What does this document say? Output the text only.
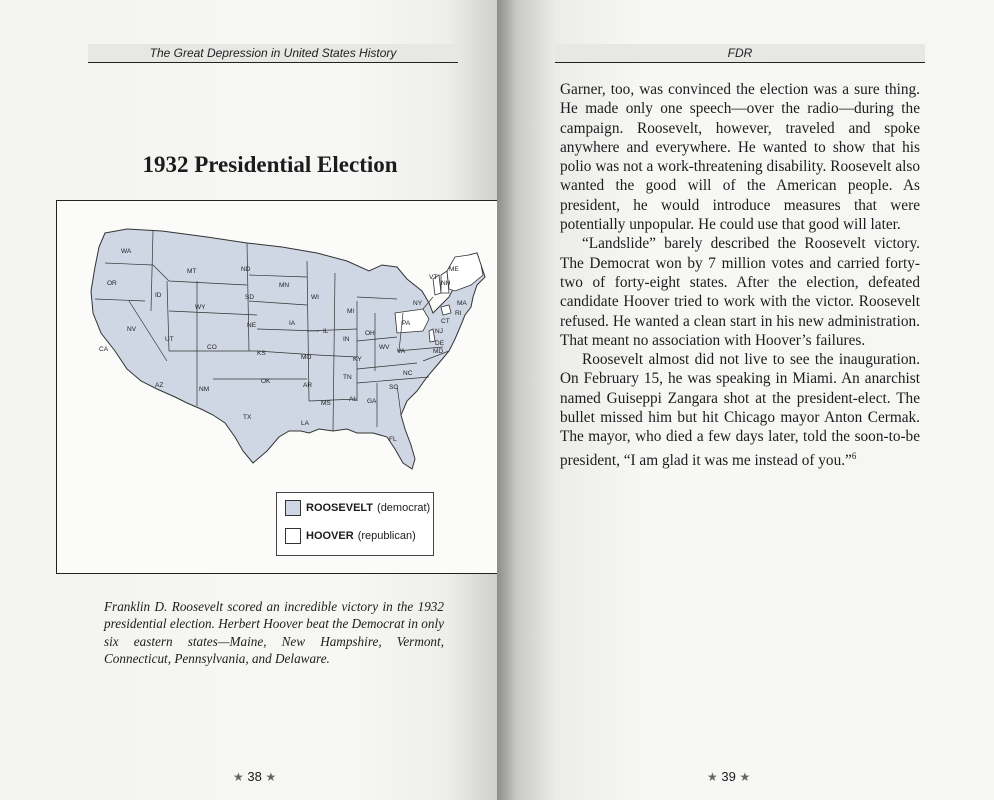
The Great Depression in United States History
1932 Presidential Election
WA
OR
CA
ID
NV
MT
WY
UT
AZ
CO
NM
ND
SD
NE
KS
OK
TX
MN
IA
MO
AR
LA
WI
IL
MI
IN
OH
KY
TN
MS
AL GA
FL
SC
NC
VA
WV
PA
NY
VT
NH
ME
MA
RI
CT
NJ
DE
MD
ROOSEVELT (democrat)
HOOVER (republican)
Franklin D. Roosevelt scored an incredible victory in the 1932 presidential election. Herbert Hoover beat the Democrat in only six eastern states—Maine, New Hampshire, Vermont, Connecticut, Pennsylvania, and Delaware.
★ 38 ★
FDR

Garner, too, was convinced the election was a sure thing. He made only one speech—over the radio—during the campaign. Roosevelt, however, traveled and spoke anywhere and everywhere. He wanted to show that his polio was not a work-threatening disability. Roosevelt also wanted the good will of the American people. As president, he would introduce measures that were potentially unpopular. He could use that good will later.

“Landslide” barely described the Roosevelt victory. The Democrat won by 7 million votes and carried forty-two of forty-eight states. After the election, defeated candidate Hoover tried to work with the victor. Roosevelt refused. He wanted a clean start in his new administration. That meant no association with Hoover’s failures.

Roosevelt almost did not live to see the inauguration. On February 15, he was speaking in Miami. An anarchist named Guiseppi Zangara shot at the president-elect. The bullet missed him but hit Chicago mayor Anton Cermak. The mayor, who died a few days later, told the soon-to-be president, “I am glad it was me instead of you.”$^6$

★ 39 ★
